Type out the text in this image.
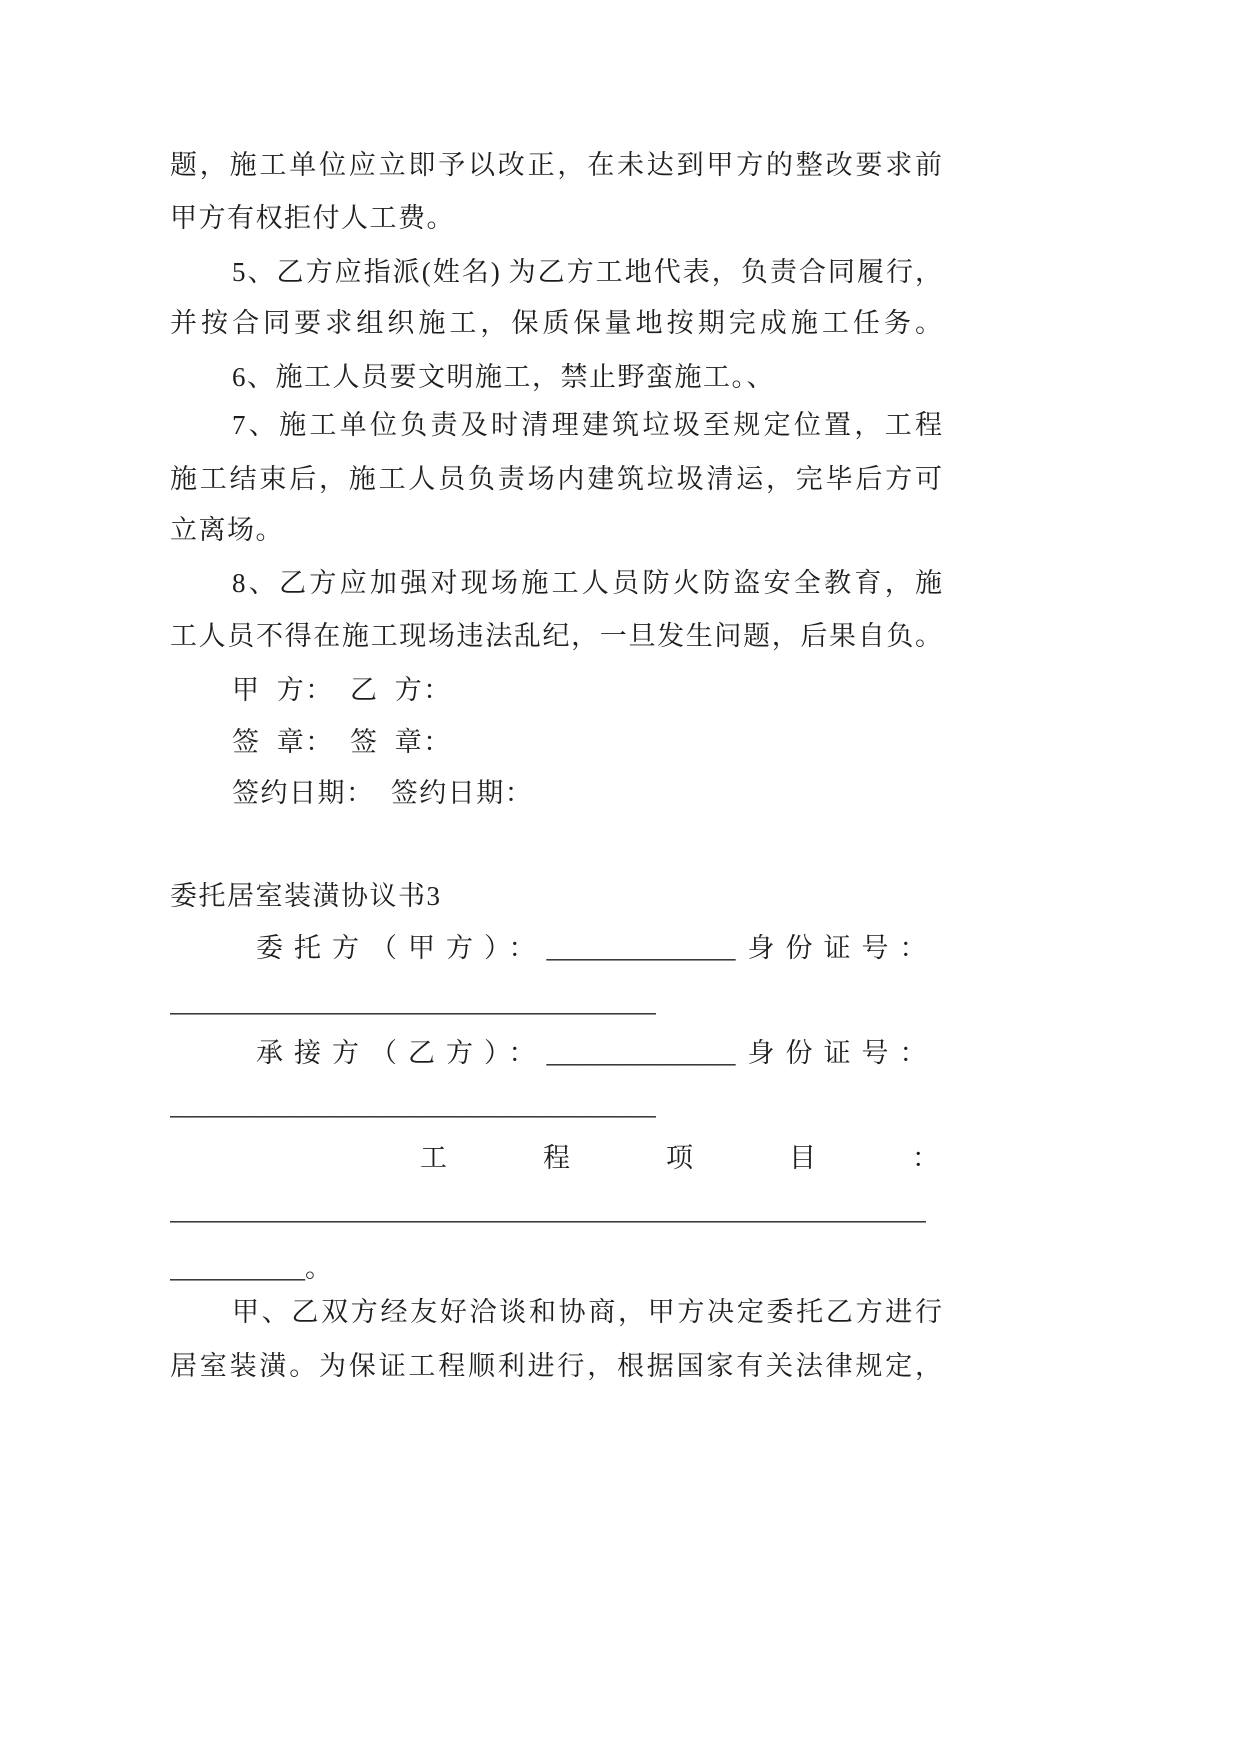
题，施工单位应立即予以改正，在未达到甲方的整改要求前
甲方有权拒付人工费。
5、乙方应指派(姓名) 为乙方工地代表，负责合同履行，
并按合同要求组织施工，保质保量地按期完成施工任务。
6、施工人员要文明施工，禁止野蛮施工。、
7、施工单位负责及时清理建筑垃圾至规定位置，工程
施工结束后，施工人员负责场内建筑垃圾清运，完毕后方可
立离场。
8、乙方应加强对现场施工人员防火防盗安全教育，施
工人员不得在施工现场违法乱纪，一旦发生问题，后果自负。
甲 方： 乙 方：
签 章： 签 章：
签约日期： 签约日期：
委托居室装潢协议书3
委托方（甲方）：______________ 身份证号：
____________________________________
承接方（乙方）：______________ 身份证号：
____________________________________
工程项目：
________________________________________________________
__________。
甲、乙双方经友好洽谈和协商，甲方决定委托乙方进行
居室装潢。为保证工程顺利进行，根据国家有关法律规定，
